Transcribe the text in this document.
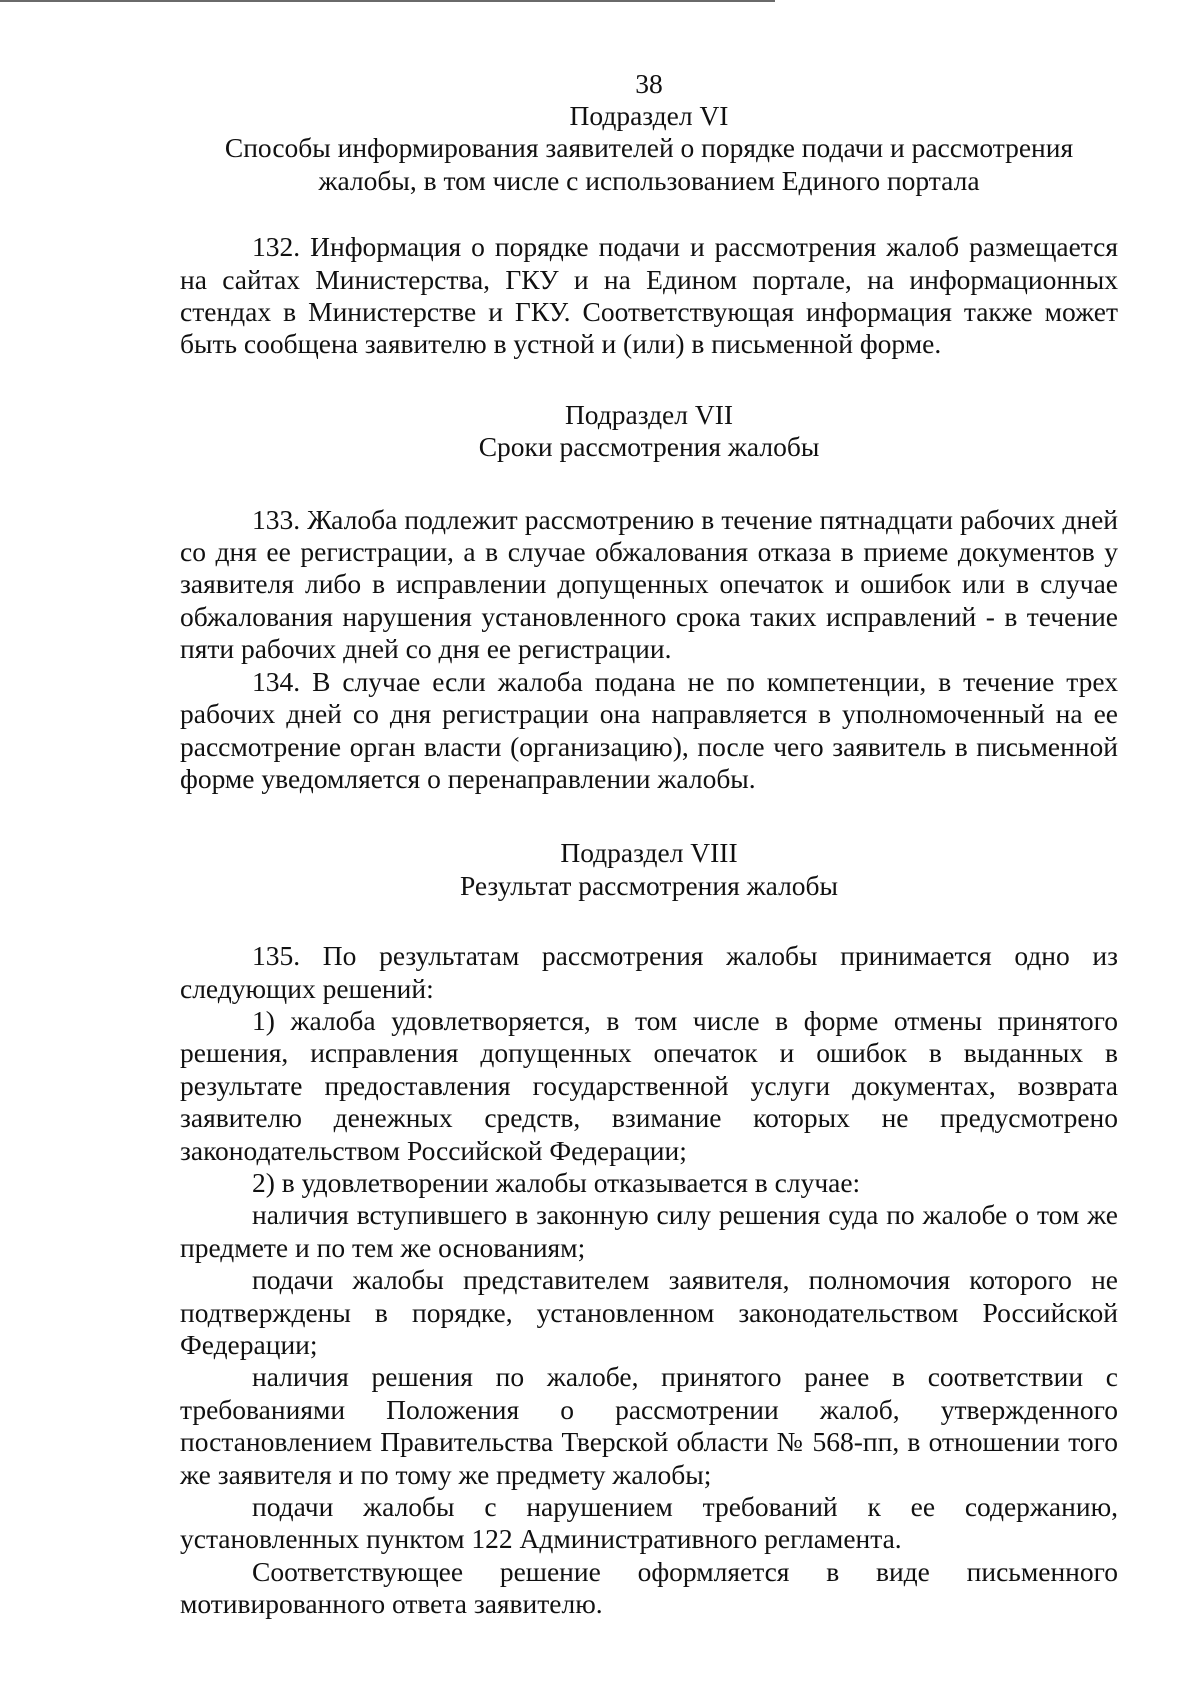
38

Подраздел VI

Способы информирования заявителей о порядке подачи и рассмотрения

жалобы, в том числе с использованием Единого портала

132. Информация о порядке подачи и рассмотрения жалоб размещается на сайтах Министерства, ГКУ и на Едином портале, на информационных стендах в Министерстве и ГКУ. Соответствующая информация также может быть сообщена заявителю в устной и (или) в письменной форме.

Подраздел VII

Сроки рассмотрения жалобы

133. Жалоба подлежит рассмотрению в течение пятнадцати рабочих дней со дня ее регистрации, а в случае обжалования отказа в приеме документов у заявителя либо в исправлении допущенных опечаток и ошибок или в случае обжалования нарушения установленного срока таких исправлений - в течение пяти рабочих дней со дня ее регистрации.

134. В случае если жалоба подана не по компетенции, в течение трех рабочих дней со дня регистрации она направляется в уполномоченный на ее рассмотрение орган власти (организацию), после чего заявитель в письменной форме уведомляется о перенаправлении жалобы.

Подраздел VIII

Результат рассмотрения жалобы

135. По результатам рассмотрения жалобы принимается одно из следующих решений:

1) жалоба удовлетворяется, в том числе в форме отмены принятого решения, исправления допущенных опечаток и ошибок в выданных в результате предоставления государственной услуги документах, возврата заявителю денежных средств, взимание которых не предусмотрено законодательством Российской Федерации;

2) в удовлетворении жалобы отказывается в случае:

наличия вступившего в законную силу решения суда по жалобе о том же предмете и по тем же основаниям;

подачи жалобы представителем заявителя, полномочия которого не подтверждены в порядке, установленном законодательством Российской Федерации;

наличия решения по жалобе, принятого ранее в соответствии с требованиями Положения о рассмотрении жалоб, утвержденного постановлением Правительства Тверской области № 568-пп, в отношении того же заявителя и по тому же предмету жалобы;

подачи жалобы с нарушением требований к ее содержанию, установленных пунктом 122 Административного регламента.

Соответствующее решение оформляется в виде письменного мотивированного ответа заявителю.
